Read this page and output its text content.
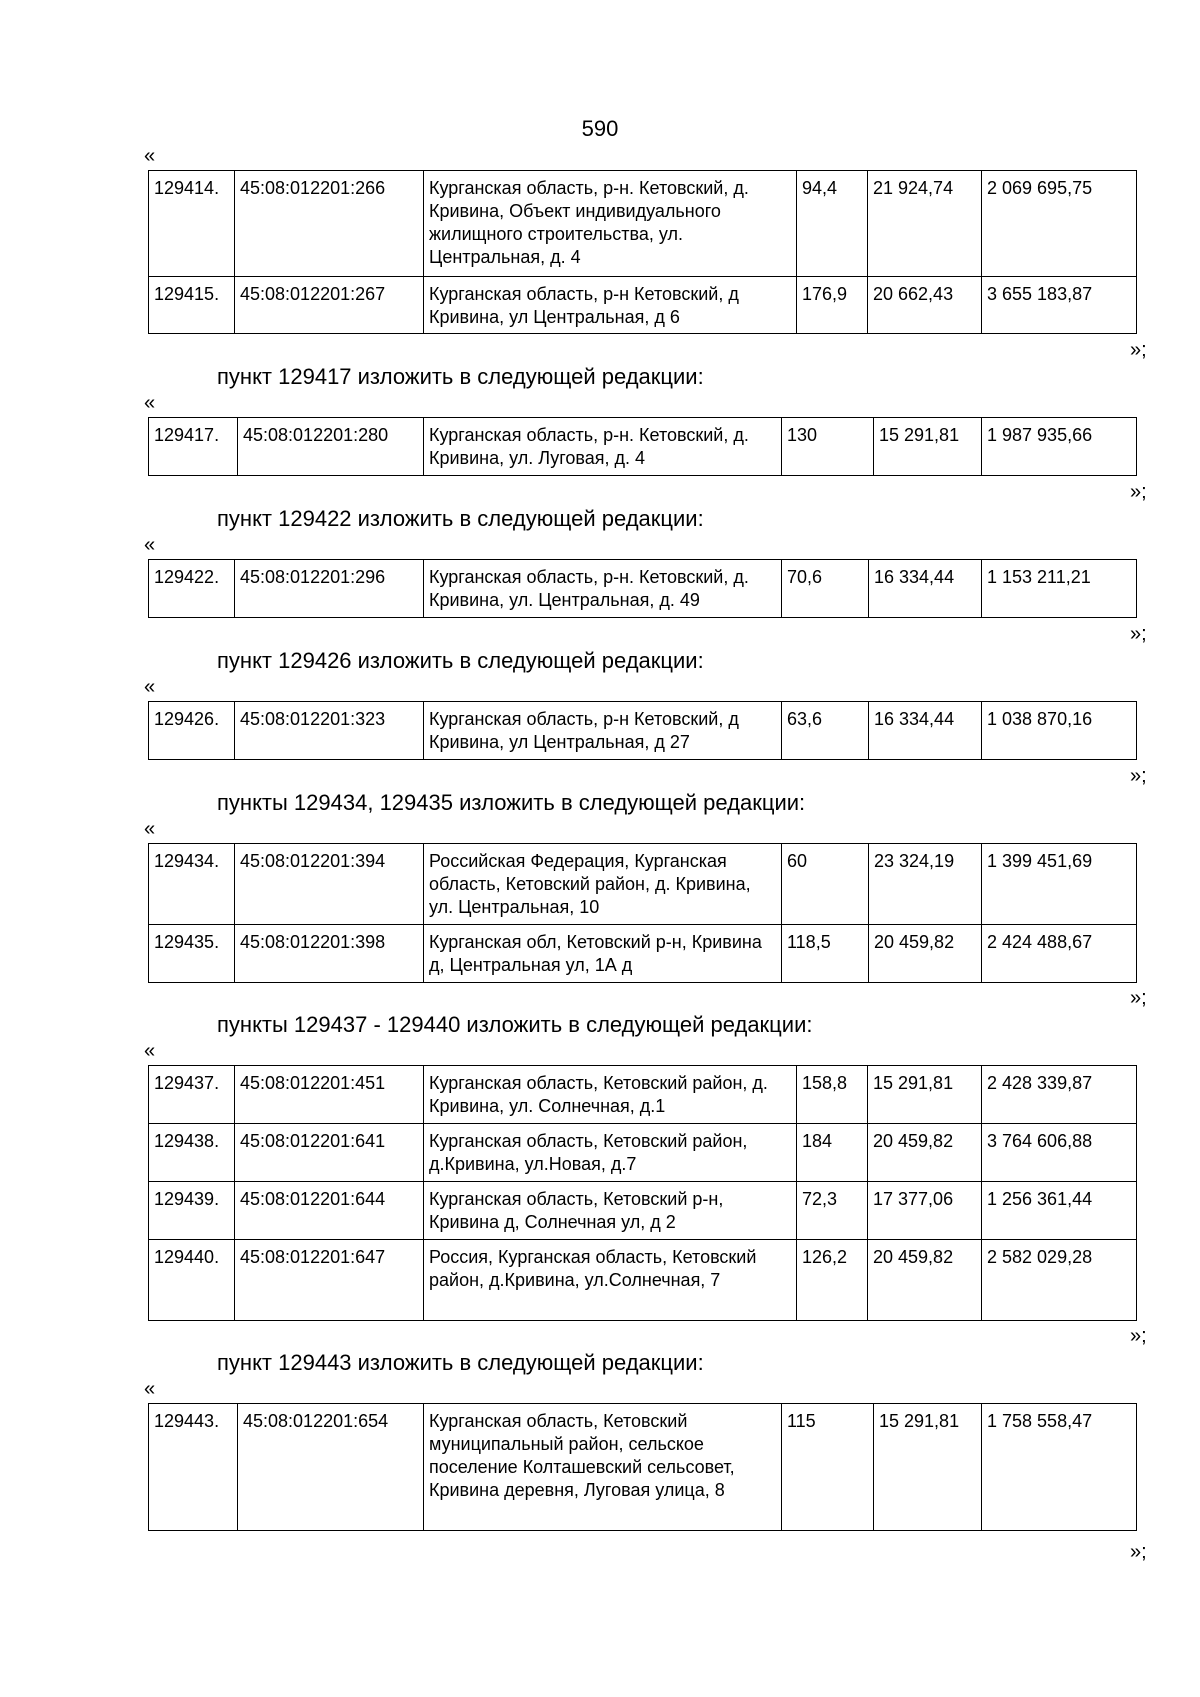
590
«
129414.	45:08:012201:266	Курганская область, р-н. Кетовский, д. Кривина, Объект индивидуального жилищного строительства, ул. Центральная, д. 4	94,4	21 924,74	2 069 695,75
129415.	45:08:012201:267	Курганская область, р-н Кетовский, д Кривина, ул Центральная, д 6	176,9	20 662,43	3 655 183,87
»;
пункт 129417 изложить в следующей редакции:
«
129417.	45:08:012201:280	Курганская область, р-н. Кетовский, д. Кривина, ул. Луговая, д. 4	130	15 291,81	1 987 935,66
»;
пункт 129422 изложить в следующей редакции:
«
129422.	45:08:012201:296	Курганская область, р-н. Кетовский, д. Кривина, ул. Центральная, д. 49	70,6	16 334,44	1 153 211,21
»;
пункт 129426 изложить в следующей редакции:
«
129426.	45:08:012201:323	Курганская область, р-н Кетовский, д Кривина, ул Центральная, д 27	63,6	16 334,44	1 038 870,16
»;
пункты 129434, 129435 изложить в следующей редакции:
«
129434.	45:08:012201:394	Российская Федерация, Курганская область, Кетовский район, д. Кривина, ул. Центральная, 10	60	23 324,19	1 399 451,69
129435.	45:08:012201:398	Курганская обл, Кетовский р-н, Кривина д, Центральная ул, 1А д	118,5	20 459,82	2 424 488,67
»;
пункты 129437 - 129440 изложить в следующей редакции:
«
129437.	45:08:012201:451	Курганская область, Кетовский район, д. Кривина, ул. Солнечная, д.1	158,8	15 291,81	2 428 339,87
129438.	45:08:012201:641	Курганская область, Кетовский район, д.Кривина, ул.Новая, д.7	184	20 459,82	3 764 606,88
129439.	45:08:012201:644	Курганская область, Кетовский р-н, Кривина д, Солнечная ул, д 2	72,3	17 377,06	1 256 361,44
129440.	45:08:012201:647	Россия, Курганская область, Кетовский район, д.Кривина, ул.Солнечная, 7	126,2	20 459,82	2 582 029,28
»;
пункт 129443 изложить в следующей редакции:
«
129443.	45:08:012201:654	Курганская область, Кетовский муниципальный район, сельское поселение Колташевский сельсовет, Кривина деревня, Луговая улица, 8	115	15 291,81	1 758 558,47
»;
